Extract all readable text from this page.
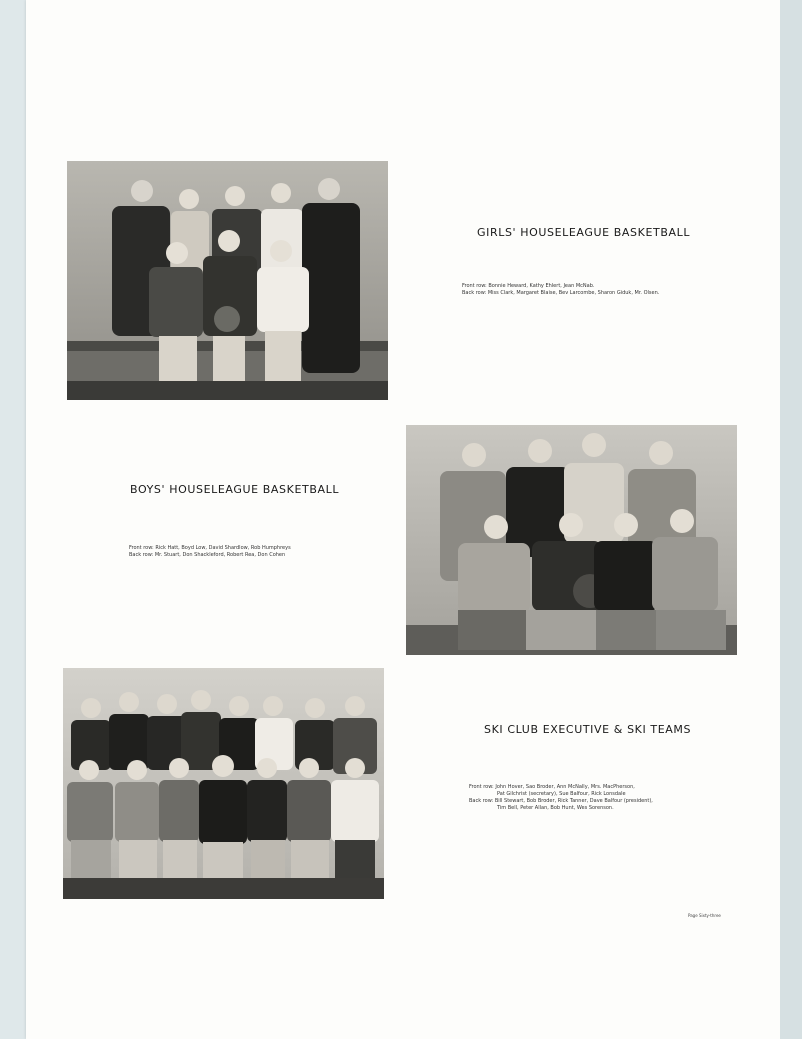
GIRLS' HOUSELEAGUE BASKETBALL
Front row: Bonnie Heward, Kathy Ehlert, Jean McNab.
Back row: Miss Clark, Margaret Blaise, Bev Larcombe, Sharon Giduk, Mr. Olsen.
BOYS' HOUSELEAGUE BASKETBALL
Front row: Rick Hatt, Boyd Low, David Shardlow, Rob Humphreys
Back row: Mr. Stuart, Don Shackleford, Robert Rea, Don Cohen
SKI CLUB EXECUTIVE & SKI TEAMS
Front row: John Hover, Sao Broder, Ann McNally, Mrs. MacPherson,
Pat Gilchrist (secretary), Sue Balfour, Rick Lonsdale
Back row: Bill Stewart, Bob Broder, Rick Tanner, Dave Balfour (president),
Tim Bell, Peter Allan, Bob Hunt, Wes Sorenson.
Page Sixty-three
